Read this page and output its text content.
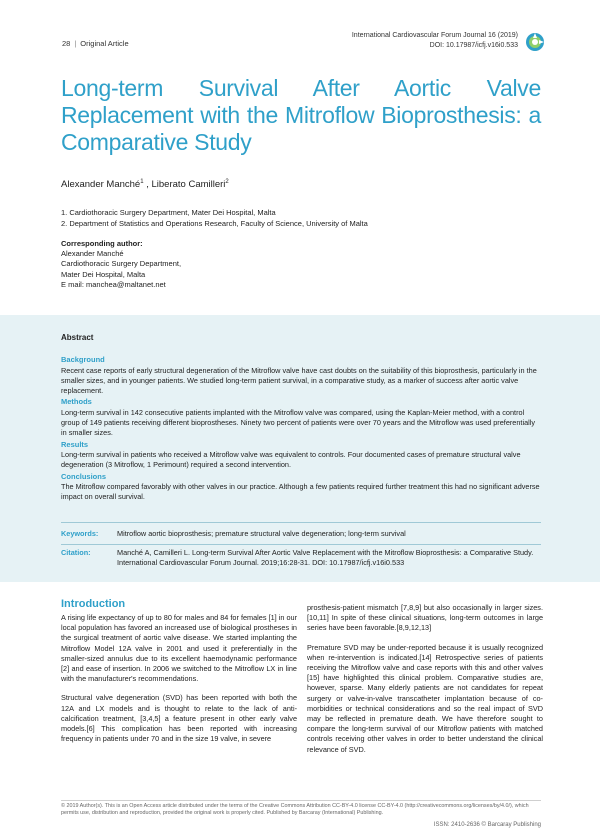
28 | Original Article
International Cardiovascular Forum Journal 16 (2019)
DOI: 10.17987/icfj.v16i0.533
Long-term Survival After Aortic Valve Replacement with the Mitroflow Bioprosthesis: a Comparative Study
Alexander Manché$^1$ , Liberato Camilleri$^2$
1. Cardiothoracic Surgery Department, Mater Dei Hospital, Malta
2. Department of Statistics and Operations Research, Faculty of Science, University of Malta
Corresponding author:
Alexander Manché
Cardiothoracic Surgery Department,
Mater Dei Hospital, Malta
E mail: manchea@maltanet.net
Abstract
Background
Recent case reports of early structural degeneration of the Mitroflow valve have cast doubts on the suitability of this bioprosthesis, particularly in the smaller sizes, and in younger patients. We studied long-term patient survival, in a comparative study, as a marker of success after aortic valve replacement.
Methods
Long-term survival in 142 consecutive patients implanted with the Mitroflow valve was compared, using the Kaplan-Meier method, with a control group of 149 patients receiving different bioprostheses. Ninety two percent of patients were over 70 years and the Mitroflow was used preferentially in smaller sizes.
Results
Long-term survival in patients who received a Mitroflow valve was equivalent to controls. Four documented cases of premature structural valve degeneration (3 Mitroflow, 1 Perimount) required a second intervention.
Conclusions
The Mitroflow compared favorably with other valves in our practice. Although a few patients required further treatment this had no significant adverse impact on overall survival.
Keywords:	Mitroflow aortic bioprosthesis; premature structural valve degeneration; long-term survival
Citation:	Manché A, Camilleri L. Long-term Survival After Aortic Valve Replacement with the Mitroflow Bioprosthesis: a Comparative Study. International Cardiovascular Forum Journal. 2019;16:28-31. DOI: 10.17987/icfj.v16i0.533
Introduction

A rising life expectancy of up to 80 for males and 84 for females [1] in our local population has favored an increased use of biological prostheses in the surgical treatment of aortic valve disease. We started implanting the Mitroflow Model 12A valve in 2001 and used it preferentially in the smaller-sized annulus due to its excellent haemodynamic performance [2] and ease of insertion. In 2006 we switched to the Mitroflow LX in line with the manufacturer's recommendations.

Structural valve degeneration (SVD) has been reported with both the 12A and LX models and is thought to relate to the lack of anti-calcification treatment, [3,4,5] a feature present in other early valve models.[6] This complication has been reported with increasing frequency in patients under 70 and in the size 19 valve, in severe

prosthesis-patient mismatch [7,8,9] but also occasionally in larger sizes.[10,11] In spite of these clinical situations, long-term outcomes in large series have been favorable.[8,9,12,13]

Premature SVD may be under-reported because it is usually recognized when re-intervention is indicated.[14] Retrospective series of patients receiving the Mitroflow valve and case reports with this and other valves [15] have highlighted this clinical problem. Comparative studies are, however, sparse. Many elderly patients are not candidates for repeat surgery or valve-in-valve transcatheter implantation because of co-morbidities or technical considerations and so the real impact of SVD may be reflected in premature death. We have therefore sought to compare the long-term survival of our Mitroflow patients with matched controls receiving other valves in order to better understand the clinical relevance of SVD.

© 2019 Author(s). This is an Open Access article distributed under the terms of the Creative Commons Attribution CC-BY-4.0 license CC-BY-4.0 (http://creativecommons.org/licenses/by/4.0/), which permits use, distribution and reproduction, provided the original work is properly cited. Published by Barcaray (International) Publishing.
ISSN: 2410-2636 © Barcaray Publishing
